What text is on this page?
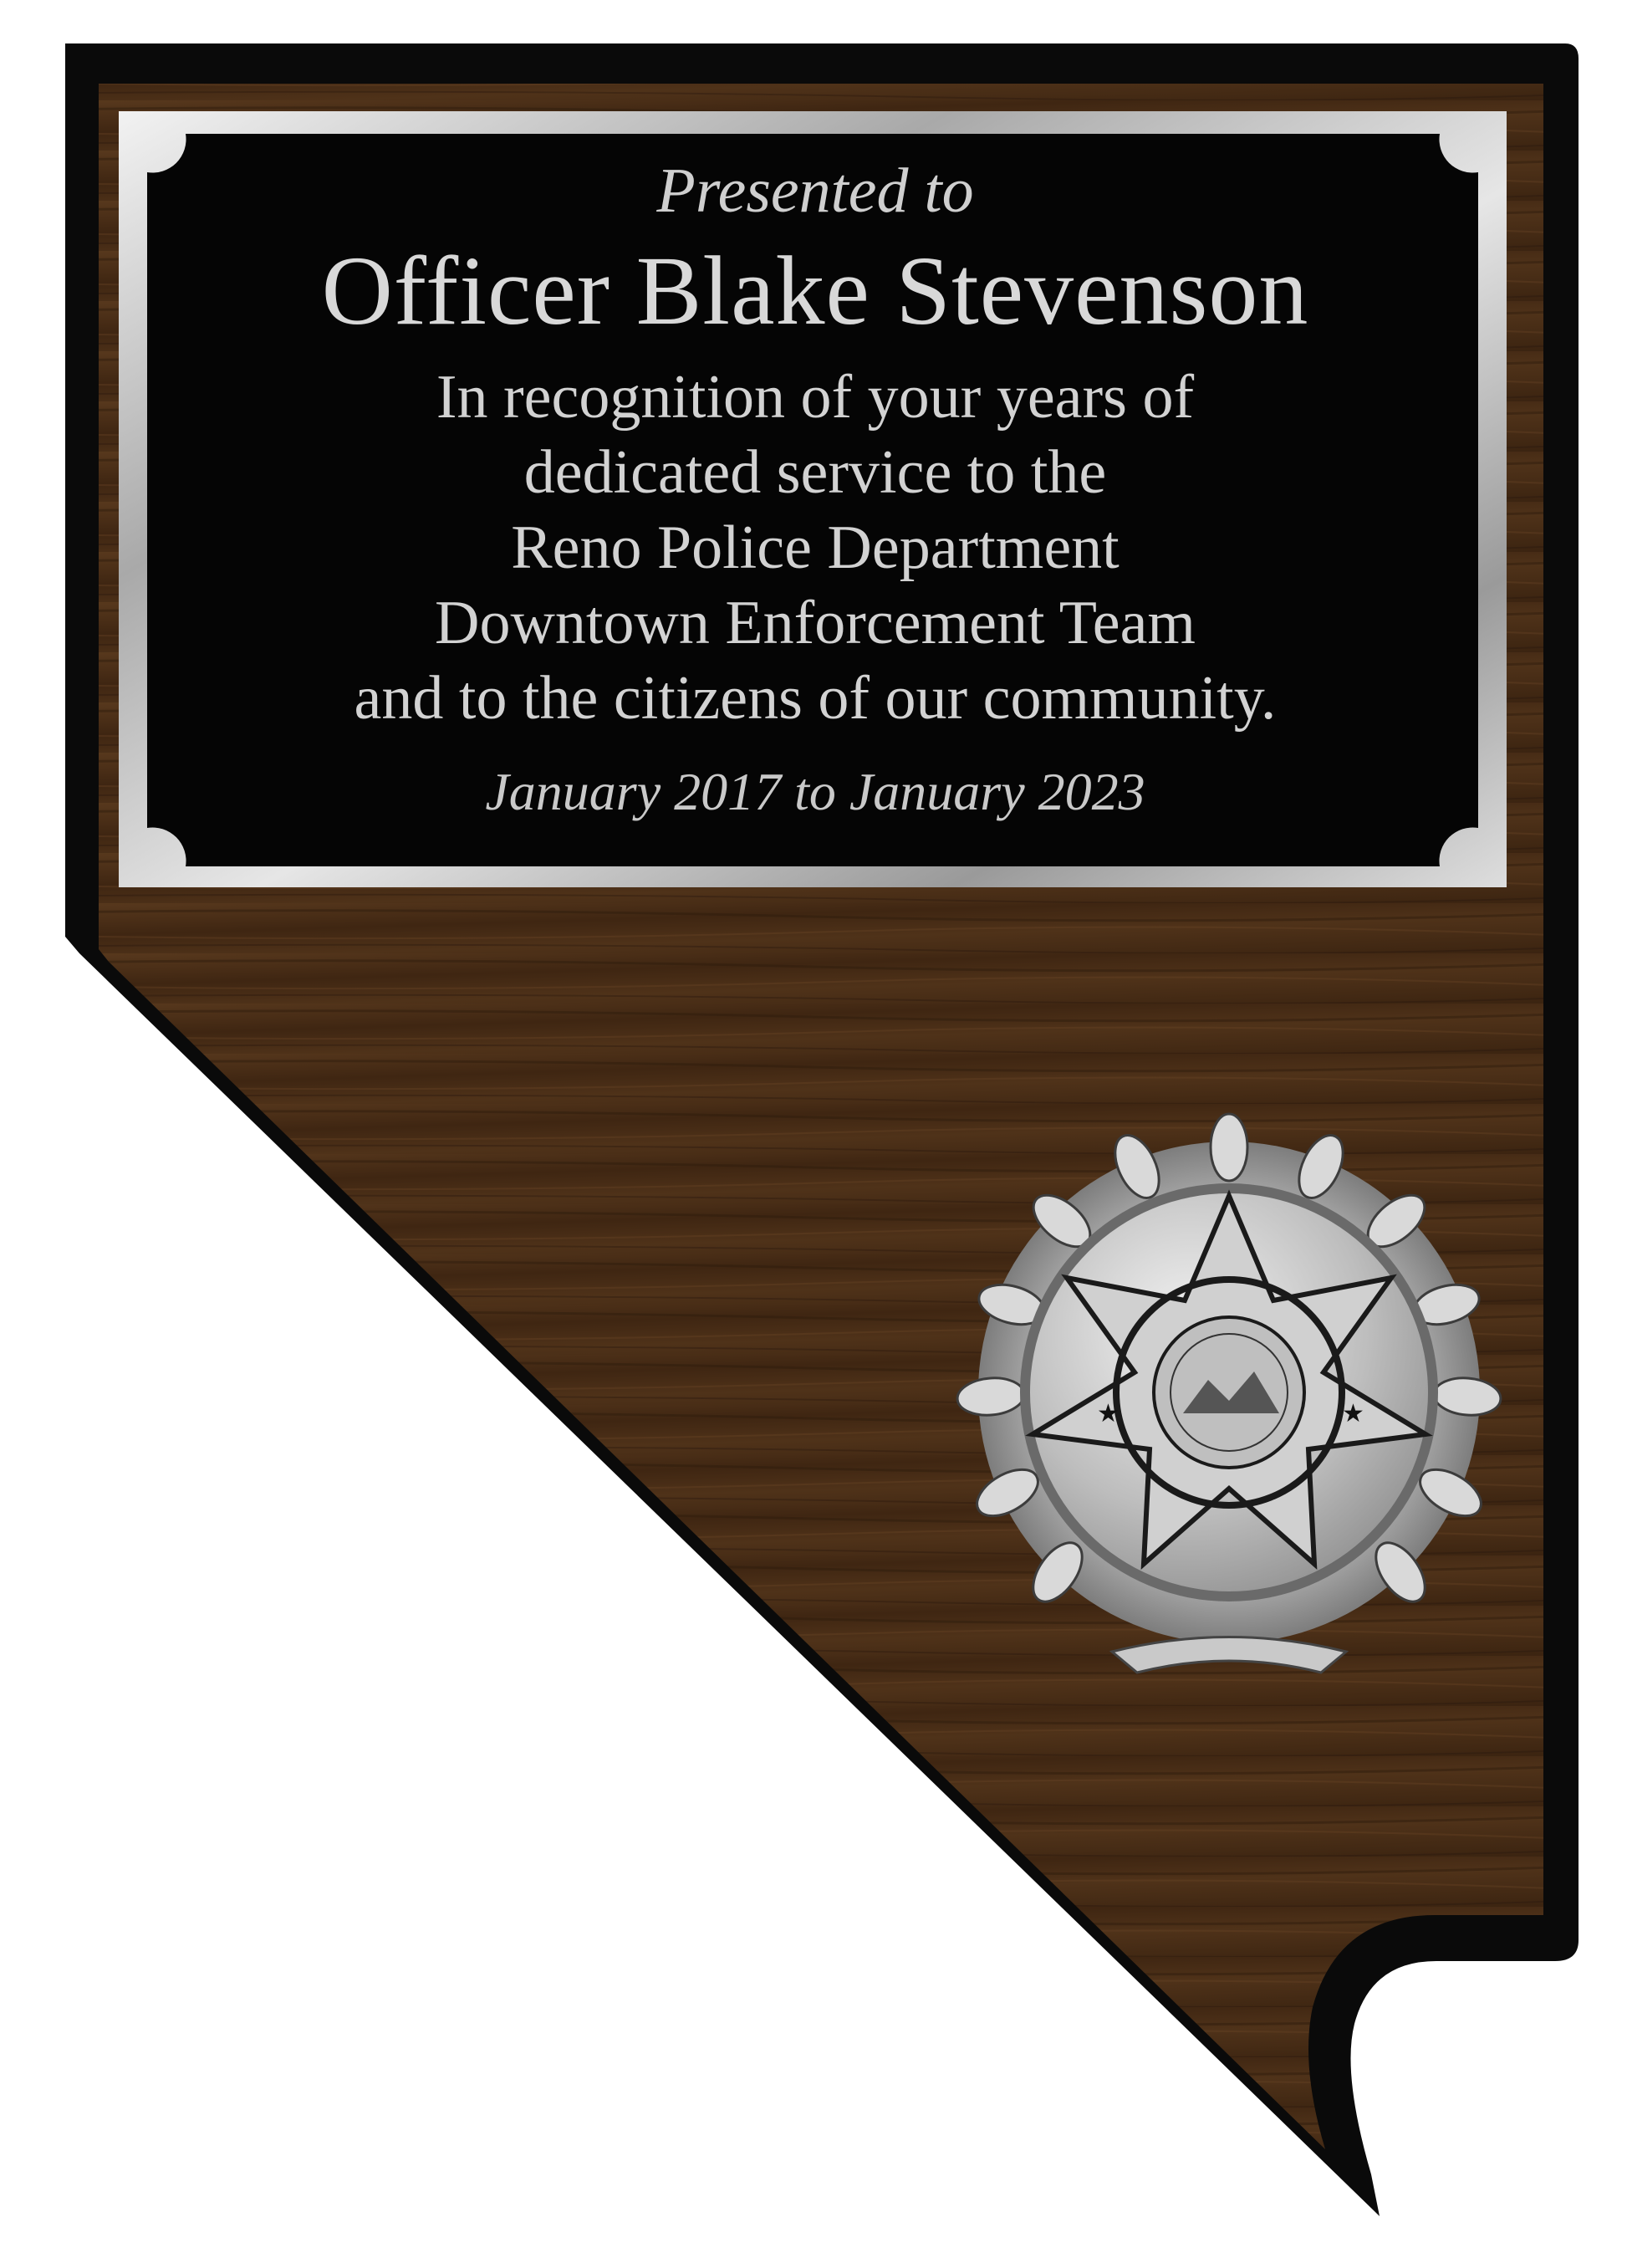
★	★
Presented to
Officer Blake Stevenson
In recognition of your years of
dedicated service to the
Reno Police Department
Downtown Enforcement Team
and to the citizens of our community.
January 2017 to January 2023
